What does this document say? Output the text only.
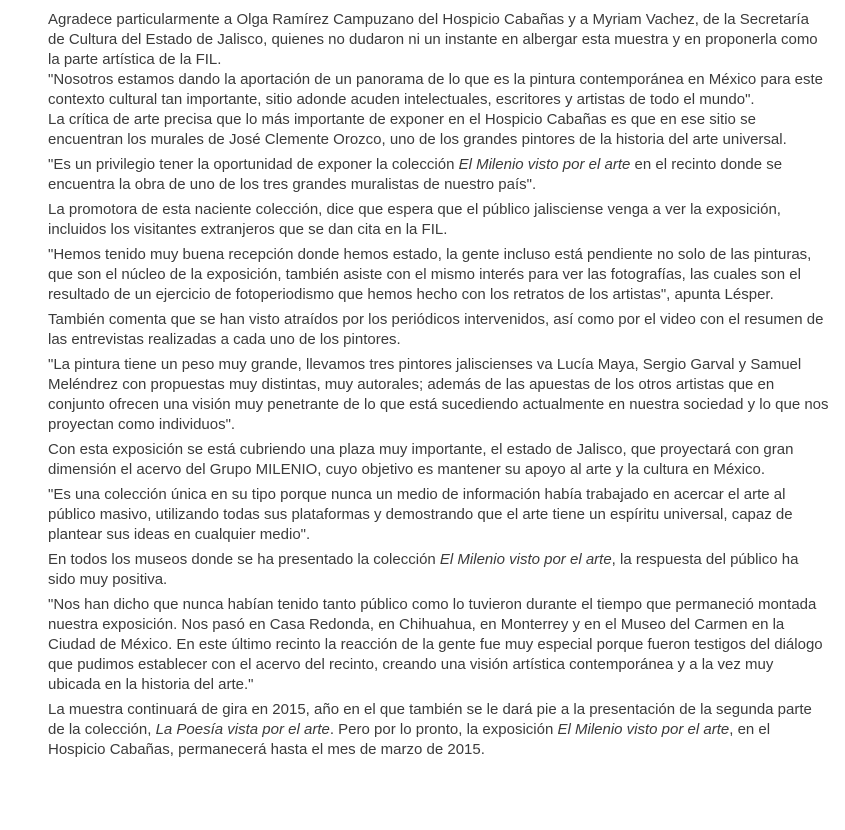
Agradece particularmente a Olga Ramírez Campuzano del Hospicio Cabañas y a Myriam Vachez, de la Secretaría de Cultura del Estado de Jalisco, quienes no dudaron ni un instante en albergar esta muestra y en proponerla como la parte artística de la FIL.
"Nosotros estamos dando la aportación de un panorama de lo que es la pintura contemporánea en México para este contexto cultural tan importante, sitio adonde acuden intelectuales, escritores y artistas de todo el mundo".
La crítica de arte precisa que lo más importante de exponer en el Hospicio Cabañas es que en ese sitio se encuentran los murales de José Clemente Orozco, uno de los grandes pintores de la historia del arte universal.

"Es un privilegio tener la oportunidad de exponer la colección El Milenio visto por el arte en el recinto donde se encuentra la obra de uno de los tres grandes muralistas de nuestro país".

La promotora de esta naciente colección, dice que espera que el público jalisciense venga a ver la exposición, incluidos los visitantes extranjeros que se dan cita en la FIL.

"Hemos tenido muy buena recepción donde hemos estado, la gente incluso está pendiente no solo de las pinturas, que son el núcleo de la exposición, también asiste con el mismo interés para ver las fotografías, las cuales son el resultado de un ejercicio de fotoperiodismo que hemos hecho con los retratos de los artistas", apunta Lésper.

También comenta que se han visto atraídos por los periódicos intervenidos, así como por el video con el resumen de las entrevistas realizadas a cada uno de los pintores.

"La pintura tiene un peso muy grande, llevamos tres pintores jaliscienses va Lucía Maya, Sergio Garval y Samuel Meléndrez con propuestas muy distintas, muy autorales; además de las apuestas de los otros artistas que en conjunto ofrecen una visión muy penetrante de lo que está sucediendo actualmente en nuestra sociedad y lo que nos proyectan como individuos".

Con esta exposición se está cubriendo una plaza muy importante, el estado de Jalisco, que proyectará con gran dimensión el acervo del Grupo MILENIO, cuyo objetivo es mantener su apoyo al arte y la cultura en México.

"Es una colección única en su tipo porque nunca un medio de información había trabajado en acercar el arte al público masivo, utilizando todas sus plataformas y demostrando que el arte tiene un espíritu universal, capaz de plantear sus ideas en cualquier medio".

En todos los museos donde se ha presentado la colección El Milenio visto por el arte, la respuesta del público ha sido muy positiva.

"Nos han dicho que nunca habían tenido tanto público como lo tuvieron durante el tiempo que permaneció montada nuestra exposición. Nos pasó en Casa Redonda, en Chihuahua, en Monterrey y en el Museo del Carmen en la Ciudad de México. En este último recinto la reacción de la gente fue muy especial porque fueron testigos del diálogo que pudimos establecer con el acervo del recinto, creando una visión artística contemporánea y a la vez muy ubicada en la historia del arte."

La muestra continuará de gira en 2015, año en el que también se le dará pie a la presentación de la segunda parte de la colección, La Poesía vista por el arte. Pero por lo pronto, la exposición El Milenio visto por el arte, en el Hospicio Cabañas, permanecerá hasta el mes de marzo de 2015.
